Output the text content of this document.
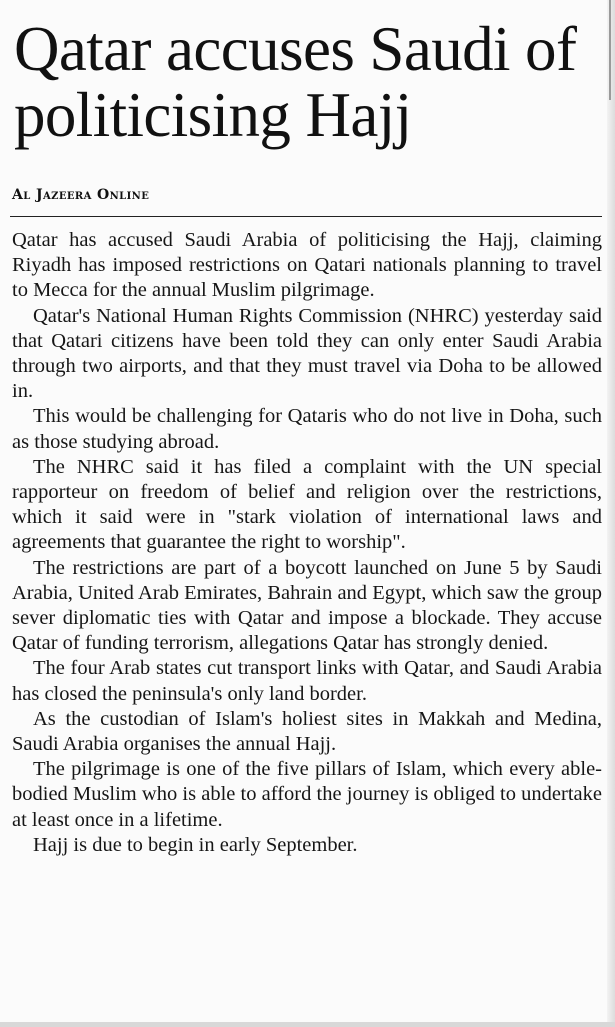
Qatar accuses Saudi of politicising Hajj
Al Jazeera Online

Qatar has accused Saudi Arabia of politicising the Hajj, claiming Riyadh has imposed restrictions on Qatari nationals planning to travel to Mecca for the annual Muslim pilgrimage.

Qatar's National Human Rights Commission (NHRC) yesterday said that Qatari citizens have been told they can only enter Saudi Arabia through two airports, and that they must travel via Doha to be allowed in.

This would be challenging for Qataris who do not live in Doha, such as those studying abroad.

The NHRC said it has filed a complaint with the UN special rapporteur on freedom of belief and religion over the restrictions, which it said were in "stark violation of international laws and agreements that guarantee the right to worship".

The restrictions are part of a boycott launched on June 5 by Saudi Arabia, United Arab Emirates, Bahrain and Egypt, which saw the group sever diplomatic ties with Qatar and impose a blockade. They accuse Qatar of funding terrorism, allegations Qatar has strongly denied.

The four Arab states cut transport links with Qatar, and Saudi Arabia has closed the peninsula's only land border.

As the custodian of Islam's holiest sites in Makkah and Medina, Saudi Arabia organises the annual Hajj.

The pilgrimage is one of the five pillars of Islam, which every able-bodied Muslim who is able to afford the journey is obliged to undertake at least once in a lifetime.

Hajj is due to begin in early September.
